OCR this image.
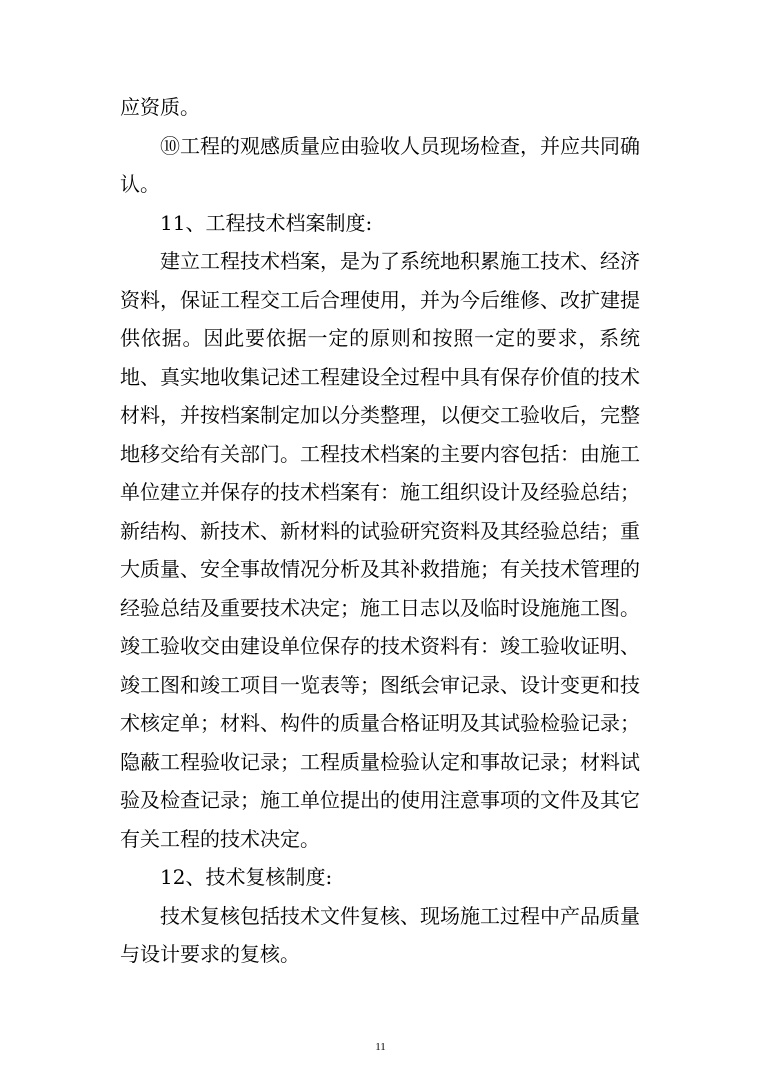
应资质。

⑩工程的观感质量应由验收人员现场检查，并应共同确认。

11、工程技术档案制度:

建立工程技术档案，是为了系统地积累施工技术、经济资料，保证工程交工后合理使用，并为今后维修、改扩建提供依据。因此要依据一定的原则和按照一定的要求，系统地、真实地收集记述工程建设全过程中具有保存价值的技术材料，并按档案制定加以分类整理，以便交工验收后，完整地移交给有关部门。工程技术档案的主要内容包括：由施工单位建立并保存的技术档案有：施工组织设计及经验总结；新结构、新技术、新材料的试验研究资料及其经验总结；重大质量、安全事故情况分析及其补救措施；有关技术管理的经验总结及重要技术决定；施工日志以及临时设施施工图。竣工验收交由建设单位保存的技术资料有：竣工验收证明、竣工图和竣工项目一览表等；图纸会审记录、设计变更和技术核定单；材料、构件的质量合格证明及其试验检验记录；隐蔽工程验收记录；工程质量检验认定和事故记录；材料试验及检查记录；施工单位提出的使用注意事项的文件及其它有关工程的技术决定。

12、技术复核制度:

技术复核包括技术文件复核、现场施工过程中产品质量与设计要求的复核。

11
